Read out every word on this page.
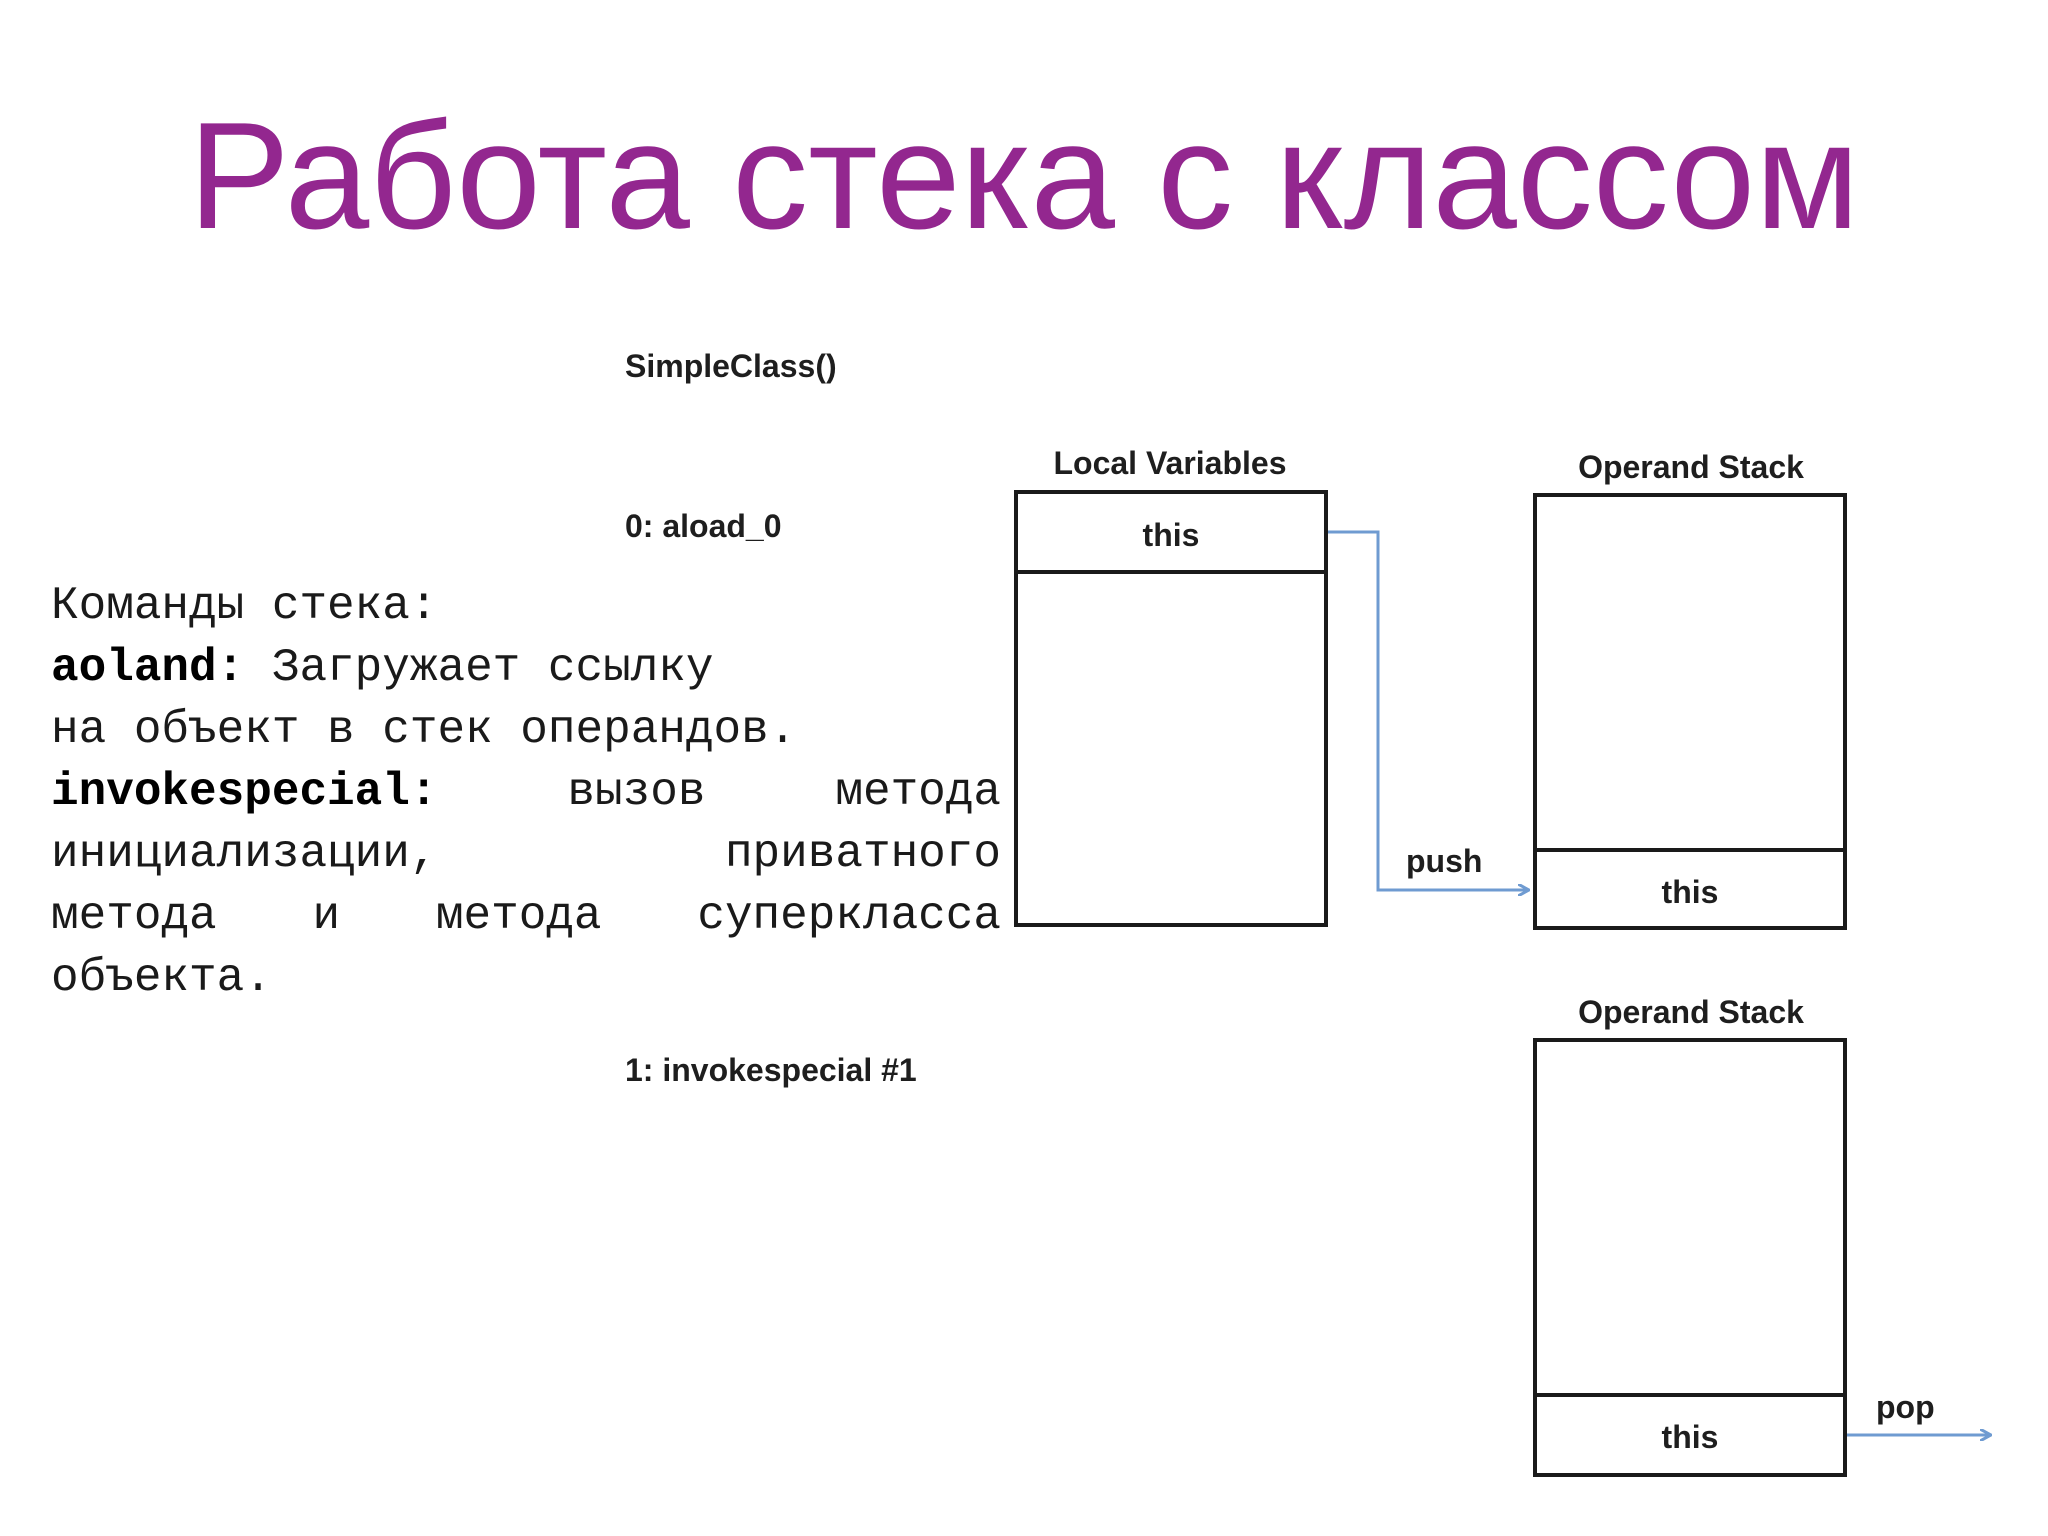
Работа стека с классом
SimpleClass()
0: aload_0
1: invokespecial #1
Local Variables
this
Operand Stack
this
push
Operand Stack
this
pop
Команды стека:
aoland: Загружает ссылку
на объект в стек операндов.
invokespecial:	вызов метода
инициализации, приватного
метода и метода суперкласса
объекта.
